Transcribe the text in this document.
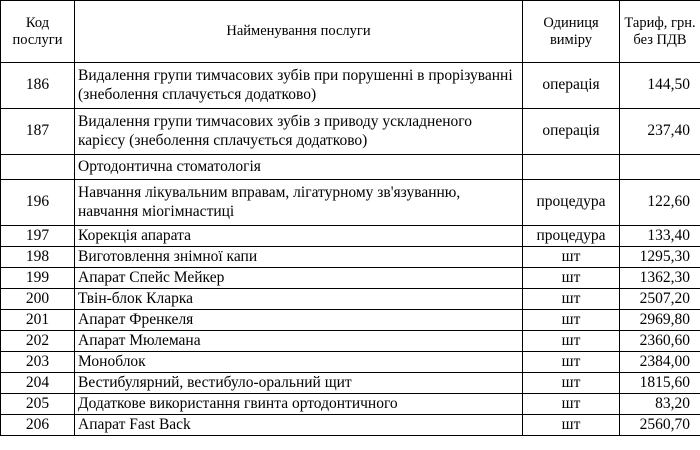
Код послуги	Найменування послуги	Одиниця виміру	Тариф, грн. без ПДВ
186	Видалення групи тимчасових зубів при порушенні в прорізуванні (знеболення сплачується додатково)	операція	144,50
187	Видалення групи тимчасових зубів з приводу ускладненого карієсу (знеболення сплачується додатково)	операція	237,40
	Ортодонтична стоматологія		
196	Навчання лікувальним вправам, лігатурному зв'язуванню, навчання міогімнастиці	процедура	122,60
197	Корекція апарата	процедура	133,40
198	Виготовлення знімної капи	шт	1295,30
199	Апарат Спейс Мейкер	шт	1362,30
200	Твін-блок Кларка	шт	2507,20
201	Апарат Френкеля	шт	2969,80
202	Апарат Мюлемана	шт	2360,60
203	Моноблок	шт	2384,00
204	Вестибулярний, вестибуло-оральний щит	шт	1815,60
205	Додаткове використання гвинта ортодонтичного	шт	83,20
206	Апарат Fast Back	шт	2560,70
